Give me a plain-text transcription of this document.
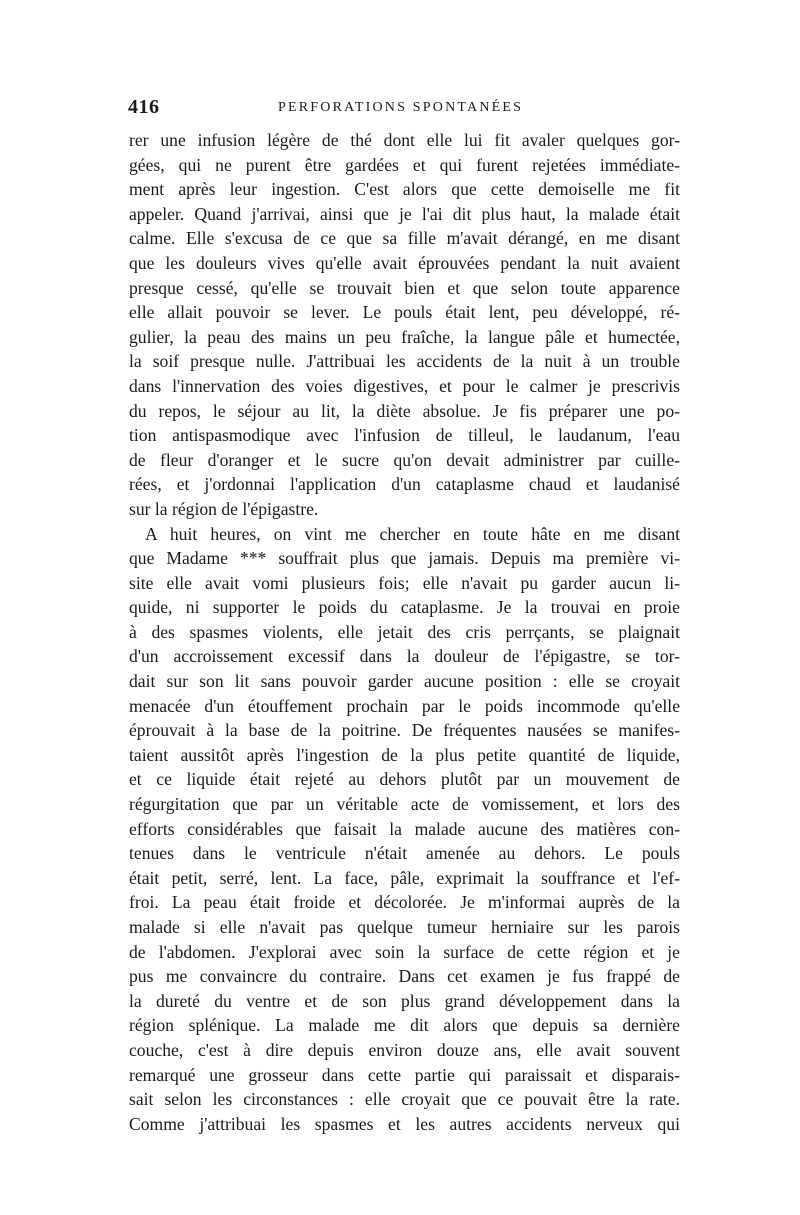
416	PERFORATIONS SPONTANÉES
rer une infusion légère de thé dont elle lui fit avaler quelques gor-
gées, qui ne purent être gardées et qui furent rejetées immédiate-
ment après leur ingestion. C'est alors que cette demoiselle me fit
appeler. Quand j'arrivai, ainsi que je l'ai dit plus haut, la malade était
calme. Elle s'excusa de ce que sa fille m'avait dérangé, en me disant
que les douleurs vives qu'elle avait éprouvées pendant la nuit avaient
presque cessé, qu'elle se trouvait bien et que selon toute apparence
elle allait pouvoir se lever. Le pouls était lent, peu développé, ré-
gulier, la peau des mains un peu fraîche, la langue pâle et humectée,
la soif presque nulle. J'attribuai les accidents de la nuit à un trouble
dans l'innervation des voies digestives, et pour le calmer je prescrivis
du repos, le séjour au lit, la diète absolue. Je fis préparer une po-
tion antispasmodique avec l'infusion de tilleul, le laudanum, l'eau
de fleur d'oranger et le sucre qu'on devait administrer par cuille-
rées, et j'ordonnai l'application d'un cataplasme chaud et laudanisé
sur la région de l'épigastre.
A huit heures, on vint me chercher en toute hâte en me disant
que Madame *** souffrait plus que jamais. Depuis ma première vi-
site elle avait vomi plusieurs fois; elle n'avait pu garder aucun li-
quide, ni supporter le poids du cataplasme. Je la trouvai en proie
à des spasmes violents, elle jetait des cris perrçants, se plaignait
d'un accroissement excessif dans la douleur de l'épigastre, se tor-
dait sur son lit sans pouvoir garder aucune position : elle se croyait
menacée d'un étouffement prochain par le poids incommode qu'elle
éprouvait à la base de la poitrine. De fréquentes nausées se manifes-
taient aussitôt après l'ingestion de la plus petite quantité de liquide,
et ce liquide était rejeté au dehors plutôt par un mouvement de
régurgitation que par un véritable acte de vomissement, et lors des
efforts considérables que faisait la malade aucune des matières con-
tenues dans le ventricule n'était amenée au dehors. Le pouls
était petit, serré, lent. La face, pâle, exprimait la souffrance et l'ef-
froi. La peau était froide et décolorée. Je m'informai auprès de la
malade si elle n'avait pas quelque tumeur herniaire sur les parois
de l'abdomen. J'explorai avec soin la surface de cette région et je
pus me convaincre du contraire. Dans cet examen je fus frappé de
la dureté du ventre et de son plus grand développement dans la
région splénique. La malade me dit alors que depuis sa dernière
couche, c'est à dire depuis environ douze ans, elle avait souvent
remarqué une grosseur dans cette partie qui paraissait et disparais-
sait selon les circonstances : elle croyait que ce pouvait être la rate.
Comme j'attribuai les spasmes et les autres accidents nerveux qui
